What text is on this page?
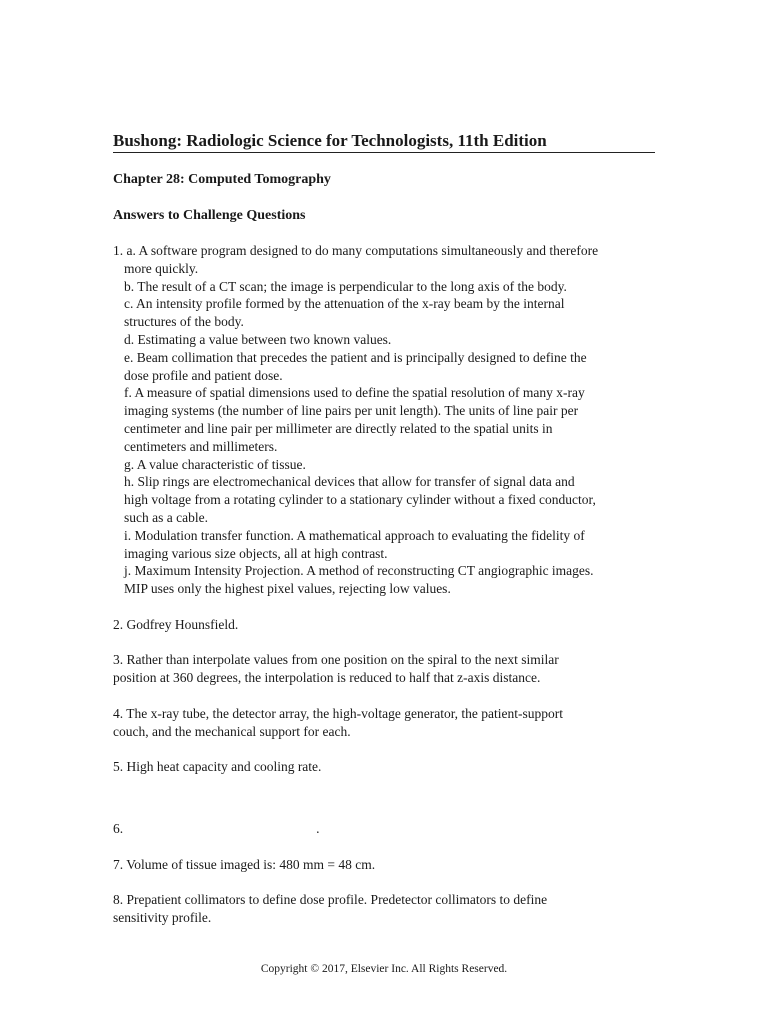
Bushong: Radiologic Science for Technologists, 11th Edition
Chapter 28: Computed Tomography
Answers to Challenge Questions
1. a. A software program designed to do many computations simultaneously and therefore
more quickly.
b. The result of a CT scan; the image is perpendicular to the long axis of the body.
c. An intensity profile formed by the attenuation of the x-ray beam by the internal
structures of the body.
d. Estimating a value between two known values.
e. Beam collimation that precedes the patient and is principally designed to define the
dose profile and patient dose.
f. A measure of spatial dimensions used to define the spatial resolution of many x-ray
imaging systems (the number of line pairs per unit length). The units of line pair per
centimeter and line pair per millimeter are directly related to the spatial units in
centimeters and millimeters.
g. A value characteristic of tissue.
h. Slip rings are electromechanical devices that allow for transfer of signal data and
high voltage from a rotating cylinder to a stationary cylinder without a fixed conductor,
such as a cable.
i. Modulation transfer function. A mathematical approach to evaluating the fidelity of
imaging various size objects, all at high contrast.
j. Maximum Intensity Projection. A method of reconstructing CT angiographic images.
MIP uses only the highest pixel values, rejecting low values.
2. Godfrey Hounsfield.
3. Rather than interpolate values from one position on the spiral to the next similar
position at 360 degrees, the interpolation is reduced to half that z-axis distance.
4. The x-ray tube, the detector array, the high-voltage generator, the patient-support
couch, and the mechanical support for each.
5. High heat capacity and cooling rate.
6.	.
7. Volume of tissue imaged is: 480 mm = 48 cm.
8. Prepatient collimators to define dose profile. Predetector collimators to define
sensitivity profile.
Copyright © 2017, Elsevier Inc. All Rights Reserved.
